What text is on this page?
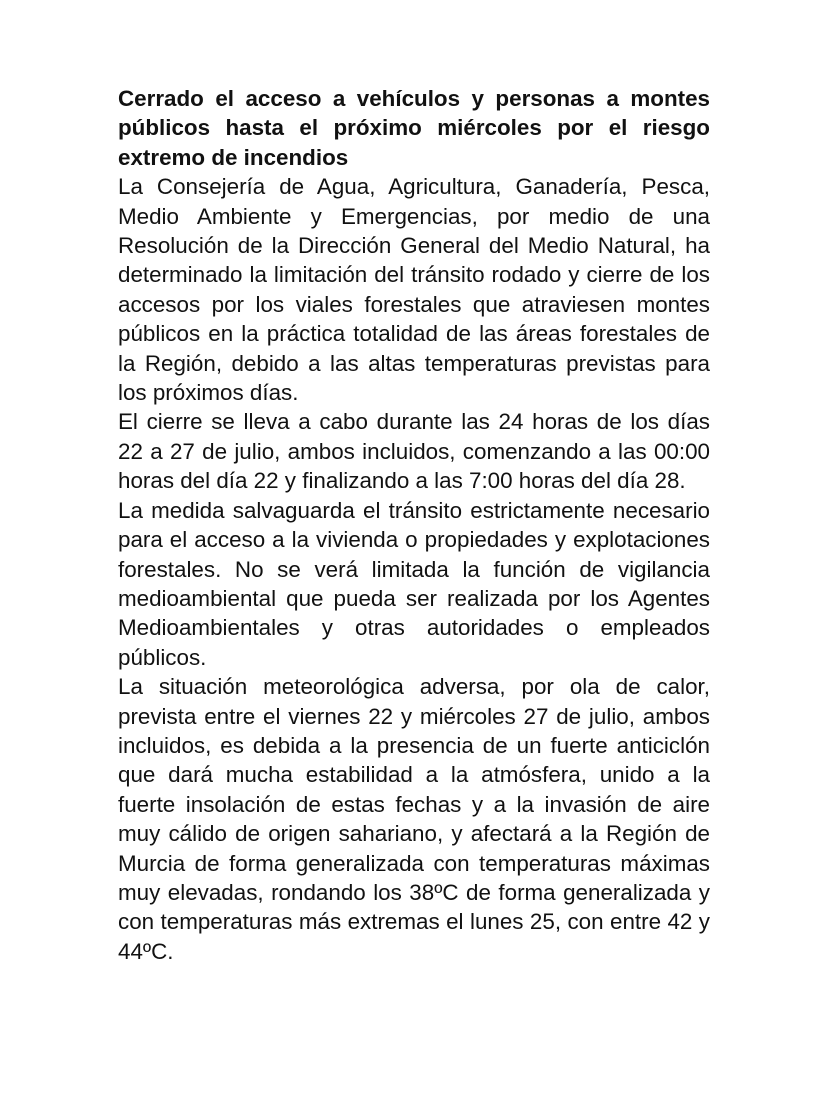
Cerrado el acceso a vehículos y personas a montes públicos hasta el próximo miércoles por el riesgo extremo de incendios

La Consejería de Agua, Agricultura, Ganadería, Pesca, Medio Ambiente y Emergencias, por medio de una Resolución de la Dirección General del Medio Natural, ha determinado la limitación del tránsito rodado y cierre de los accesos por los viales forestales que atraviesen montes públicos en la práctica totalidad de las áreas forestales de la Región, debido a las altas temperaturas previstas para los próximos días.

El cierre se lleva a cabo durante las 24 horas de los días 22 a 27 de julio, ambos incluidos, comenzando a las 00:00 horas del día 22 y finalizando a las 7:00 horas del día 28.

La medida salvaguarda el tránsito estrictamente necesario para el acceso a la vivienda o propiedades y explotaciones forestales. No se verá limitada la función de vigilancia medioambiental que pueda ser realizada por los Agentes Medioambientales y otras autoridades o empleados públicos.

La situación meteorológica adversa, por ola de calor, prevista entre el viernes 22 y miércoles 27 de julio, ambos incluidos, es debida a la presencia de un fuerte anticiclón que dará mucha estabilidad a la atmósfera, unido a la fuerte insolación de estas fechas y a la invasión de aire muy cálido de origen sahariano, y afectará a la Región de Murcia de forma generalizada con temperaturas máximas muy elevadas, rondando los 38ºC de forma generalizada y con temperaturas más extremas el lunes 25, con entre 42 y 44ºC.
